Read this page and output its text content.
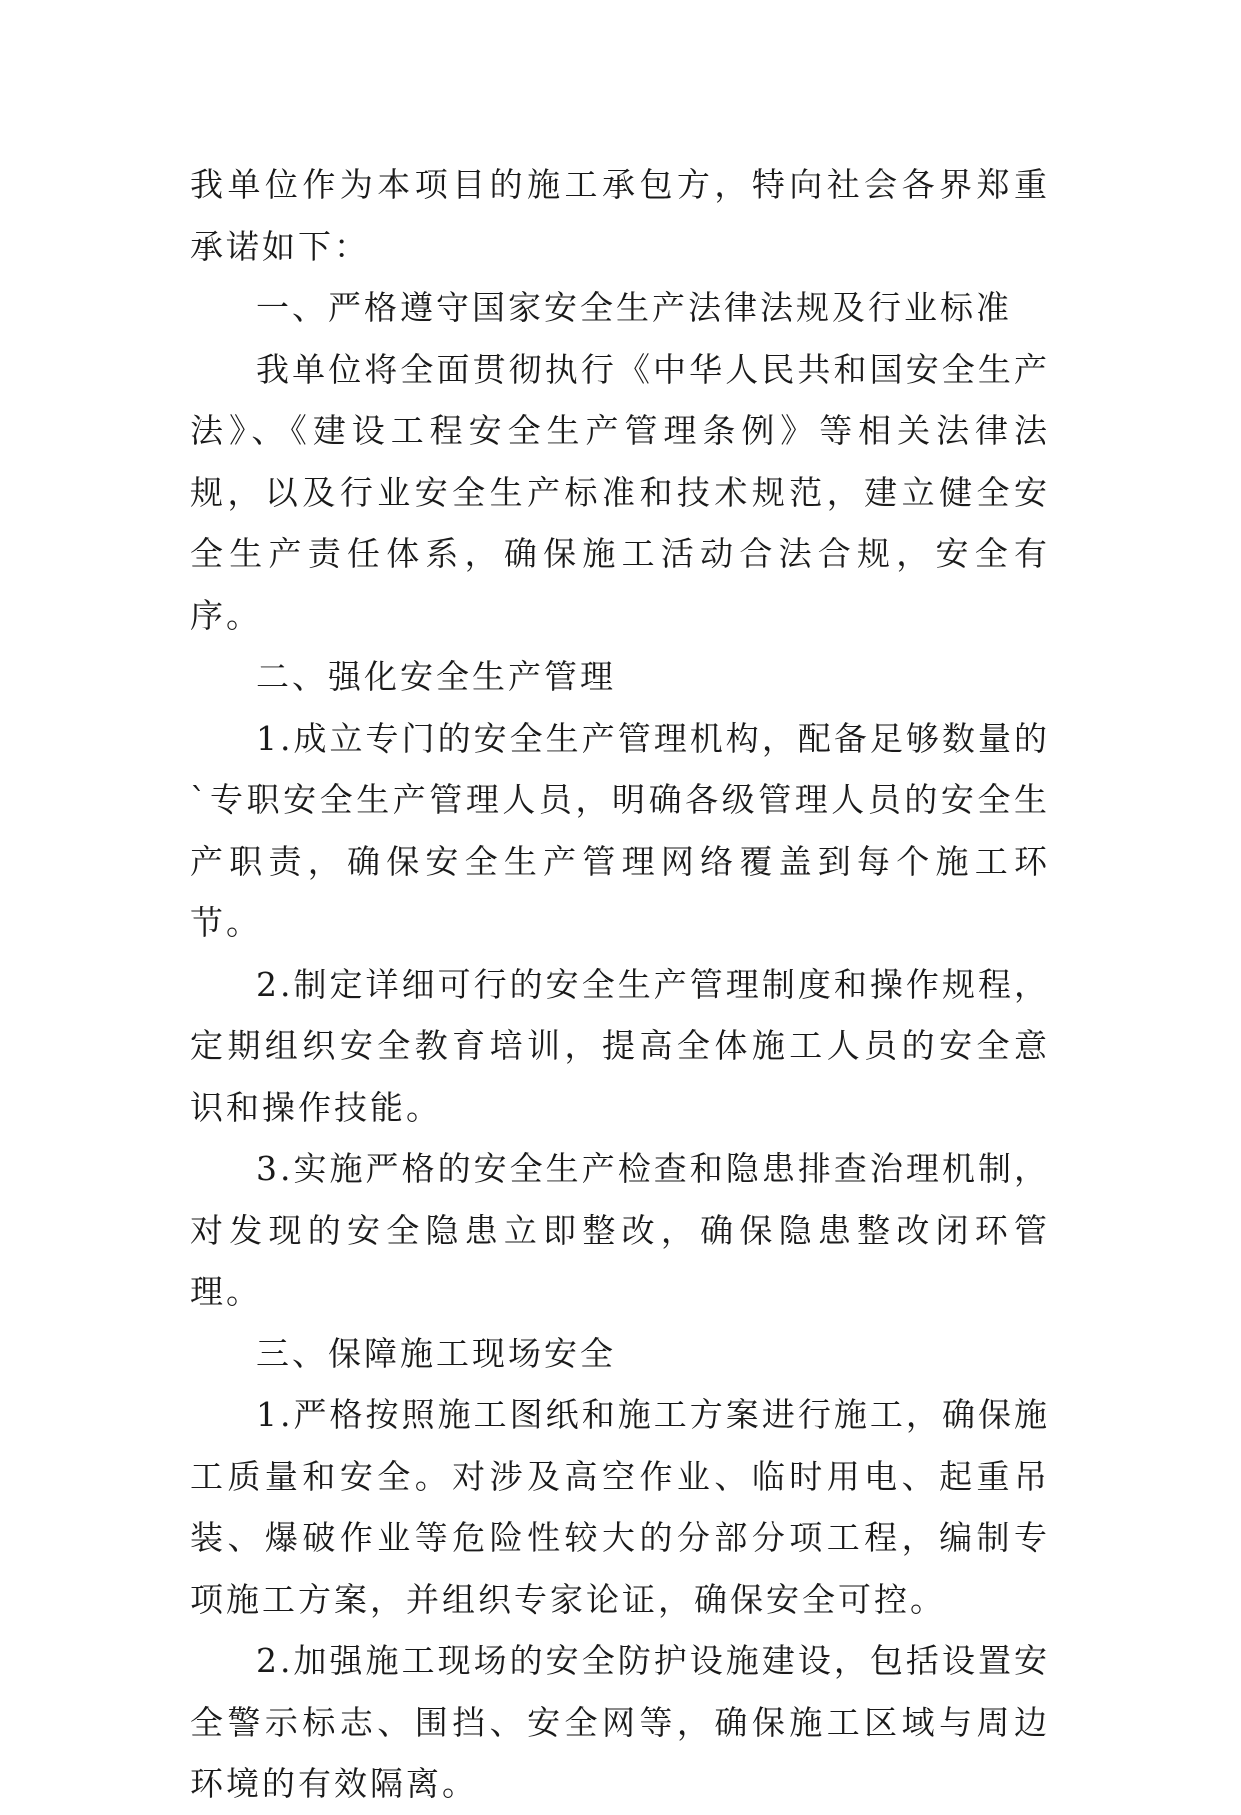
我单位作为本项目的施工承包方，特向社会各界郑重承诺如下：

一、严格遵守国家安全生产法律法规及行业标准

我单位将全面贯彻执行《中华人民共和国安全生产法》、《建设工程安全生产管理条例》等相关法律法规，以及行业安全生产标准和技术规范，建立健全安全生产责任体系，确保施工活动合法合规，安全有序。

二、强化安全生产管理

1.成立专门的安全生产管理机构，配备足够数量的`专职安全生产管理人员，明确各级管理人员的安全生产职责，确保安全生产管理网络覆盖到每个施工环节。

2.制定详细可行的安全生产管理制度和操作规程，定期组织安全教育培训，提高全体施工人员的安全意识和操作技能。

3.实施严格的安全生产检查和隐患排查治理机制，对发现的安全隐患立即整改，确保隐患整改闭环管理。

三、保障施工现场安全

1.严格按照施工图纸和施工方案进行施工，确保施工质量和安全。对涉及高空作业、临时用电、起重吊装、爆破作业等危险性较大的分部分项工程，编制专项施工方案，并组织专家论证，确保安全可控。

2.加强施工现场的安全防护设施建设，包括设置安全警示标志、围挡、安全网等，确保施工区域与周边环境的有效隔离。
